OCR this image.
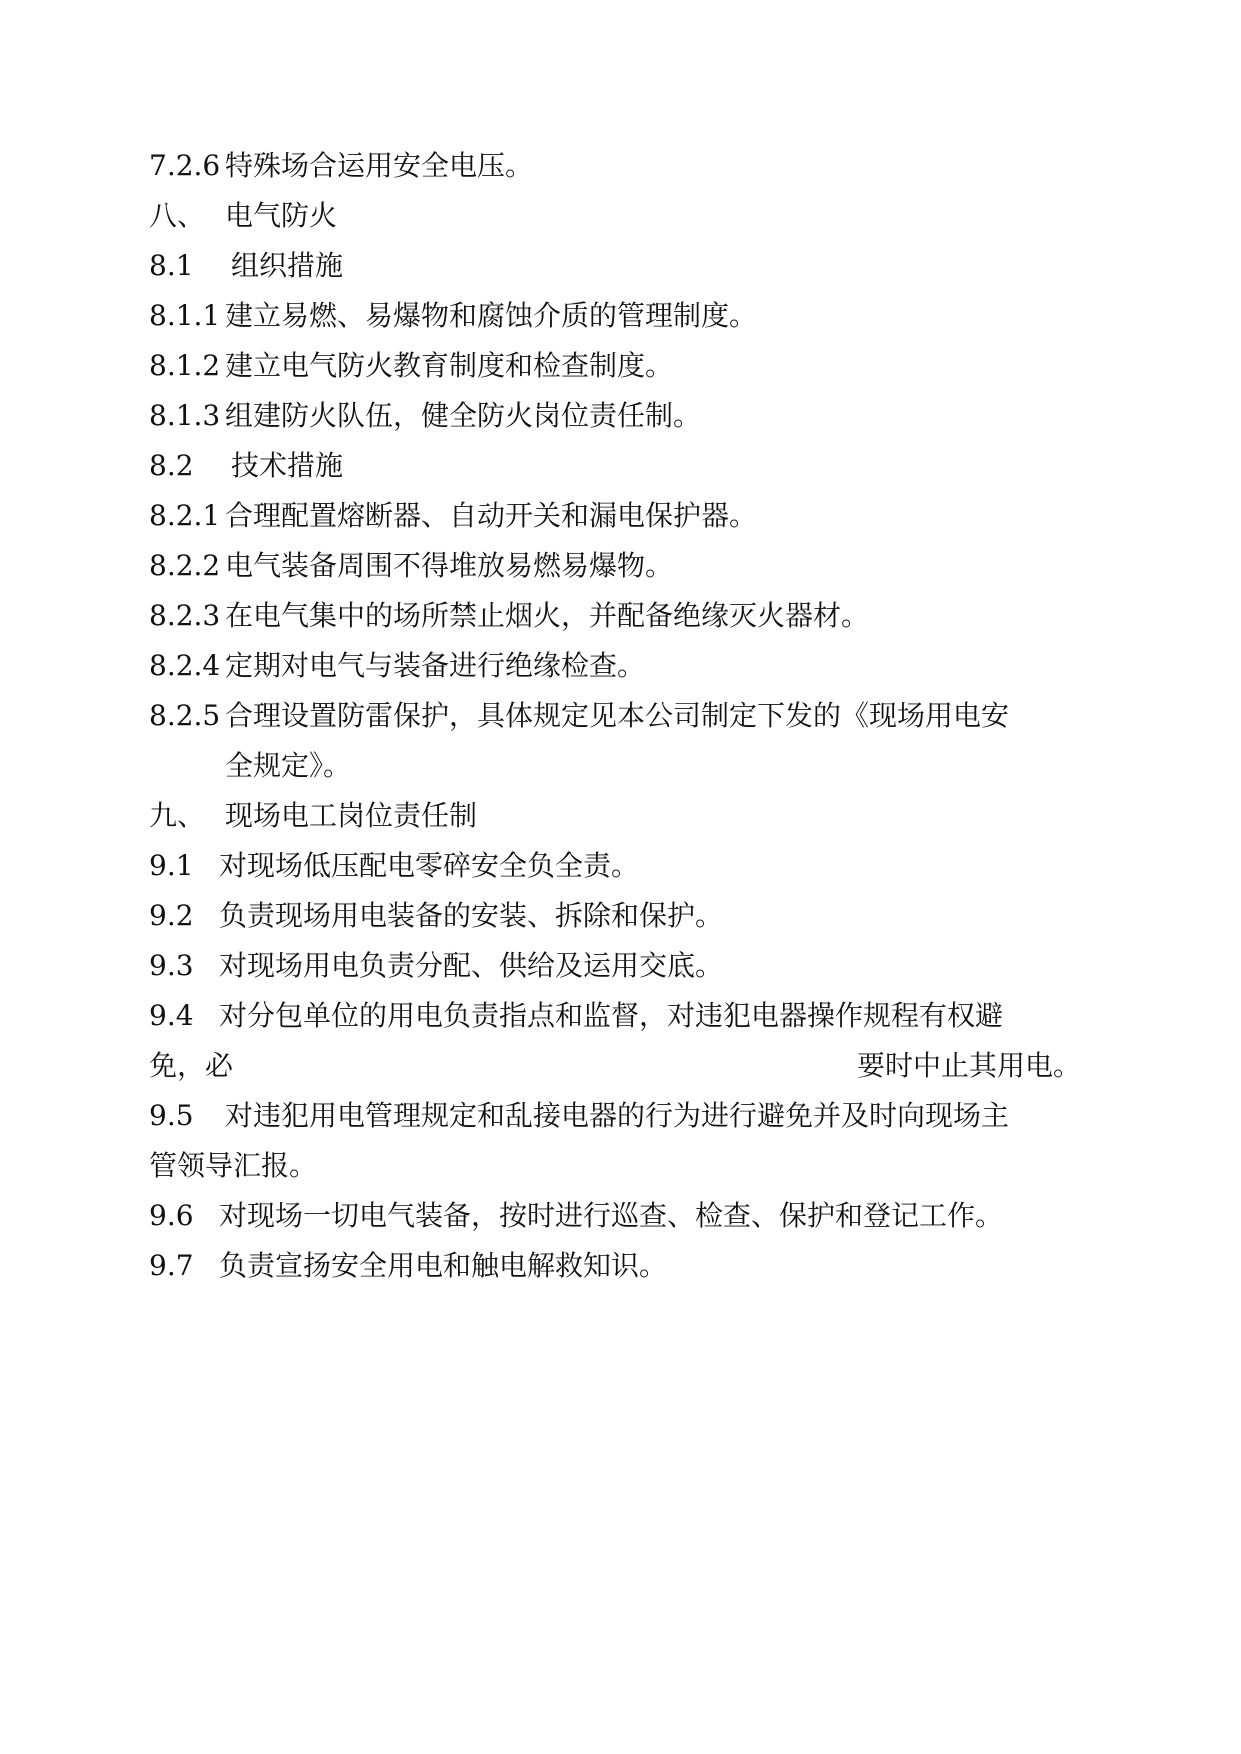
7.2.6 特殊场合运用安全电压。
八、 电气防火
8.1 组织措施
8.1.1 建立易燃、易爆物和腐蚀介质的管理制度。
8.1.2 建立电气防火教育制度和检查制度。
8.1.3 组建防火队伍，健全防火岗位责任制。
8.2 技术措施
8.2.1 合理配置熔断器、自动开关和漏电保护器。
8.2.2 电气装备周围不得堆放易燃易爆物。
8.2.3 在电气集中的场所禁止烟火，并配备绝缘灭火器材。
8.2.4 定期对电气与装备进行绝缘检查。
8.2.5 合理设置防雷保护，具体规定见本公司制定下发的《现场用电安
全规定》。
九、 现场电工岗位责任制
9.1 对现场低压配电零碎安全负全责。
9.2 负责现场用电装备的安装、拆除和保护。
9.3 对现场用电负责分配、供给及运用交底。
9.4 对分包单位的用电负责指点和监督，对违犯电器操作规程有权避
免，必	要时中止其用电。
9.5 对违犯用电管理规定和乱接电器的行为进行避免并及时向现场主
管领导汇报。
9.6 对现场一切电气装备，按时进行巡查、检查、保护和登记工作。
9.7 负责宣扬安全用电和触电解救知识。
